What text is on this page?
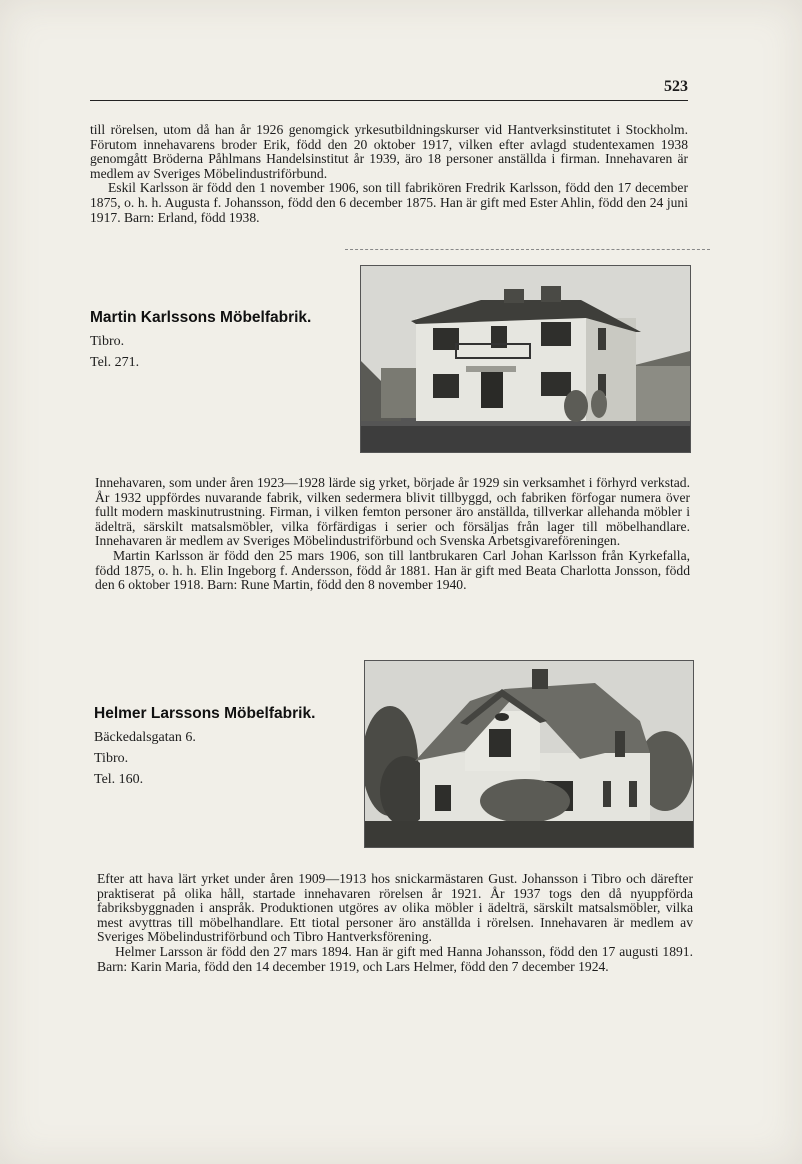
523

till rörelsen, utom då han år 1926 genomgick yrkesutbildningskurser vid Hantverksinstitutet i Stockholm. Förutom innehavarens broder Erik, född den 20 oktober 1917, vilken efter avlagd studentexamen 1938 genomgått Bröderna Påhlmans Handelsinstitut år 1939, äro 18 personer anställda i firman. Innehavaren är medlem av Sveriges Möbelindustriförbund.

Eskil Karlsson är född den 1 november 1906, son till fabrikören Fredrik Karlsson, född den 17 december 1875, o. h. h. Augusta f. Johansson, född den 6 december 1875. Han är gift med Ester Ahlin, född den 24 juni 1917. Barn: Erland, född 1938.

Martin Karlssons Möbelfabrik.
Tibro.
Tel. 271.

Innehavaren, som under åren 1923—1928 lärde sig yrket, började år 1929 sin verksamhet i förhyrd verkstad. År 1932 uppfördes nuvarande fabrik, vilken sedermera blivit tillbyggd, och fabriken förfogar numera över fullt modern maskinutrustning. Firman, i vilken femton personer äro anställda, tillverkar allehanda möbler i ädelträ, särskilt matsalsmöbler, vilka förfärdigas i serier och försäljas från lager till möbelhandlare. Innehavaren är medlem av Sveriges Möbelindustriförbund och Svenska Arbetsgivareföreningen.

Martin Karlsson är född den 25 mars 1906, son till lantbrukaren Carl Johan Karlsson från Kyrkefalla, född 1875, o. h. h. Elin Ingeborg f. Andersson, född år 1881. Han är gift med Beata Charlotta Jonsson, född den 6 oktober 1918. Barn: Rune Martin, född den 8 november 1940.

Helmer Larssons Möbelfabrik.
Bäckedalsgatan 6.
Tibro.
Tel. 160.

Efter att hava lärt yrket under åren 1909—1913 hos snickarmästaren Gust. Johansson i Tibro och därefter praktiserat på olika håll, startade innehavaren rörelsen år 1921. År 1937 togs den då nyuppförda fabriksbyggnaden i anspråk. Produktionen utgöres av olika möbler i ädelträ, särskilt matsalsmöbler, vilka mest avyttras till möbelhandlare. Ett tiotal personer äro anställda i rörelsen. Innehavaren är medlem av Sveriges Möbelindustriförbund och Tibro Hantverksförening.

Helmer Larsson är född den 27 mars 1894. Han är gift med Hanna Johansson, född den 17 augusti 1891. Barn: Karin Maria, född den 14 december 1919, och Lars Helmer, född den 7 december 1924.
